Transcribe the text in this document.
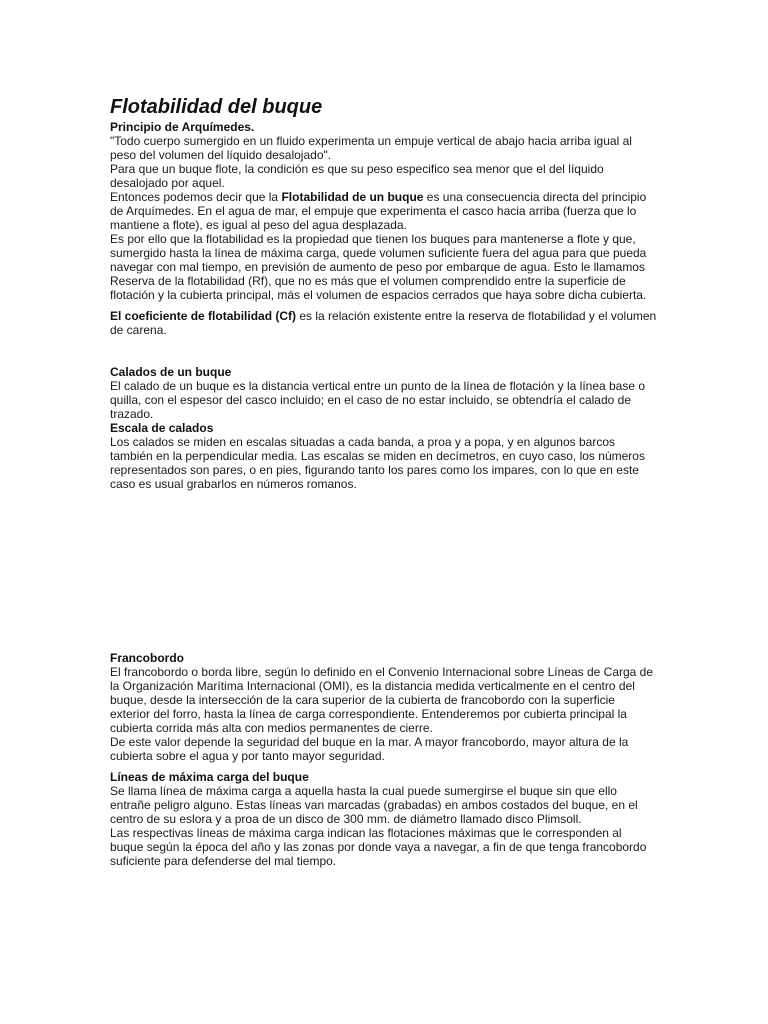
Flotabilidad del buque

Principio de Arquímedes.

"Todo cuerpo sumergido en un fluido experimenta un empuje vertical de abajo hacia arriba igual al peso del volumen del líquido desalojado".

Para que un buque flote, la condición es que su peso especifico sea menor que el del líquido desalojado por aquel.

Entonces podemos decir que la Flotabilidad de un buque es una consecuencia directa del principio de Arquímedes. En el agua de mar, el empuje que experimenta el casco hacia arriba (fuerza que lo mantiene a flote), es igual al peso del agua desplazada.

Es por ello que la flotabilidad es la propiedad que tienen los buques para mantenerse a flote y que, sumergido hasta la línea de máxima carga, quede volumen suficiente fuera del agua para que pueda navegar con mal tiempo, en previsión de aumento de peso por embarque de agua. Esto le llamamos Reserva de la flotabilidad (Rf), que no es más que el volumen comprendido entre la superficie de flotación y la cubierta principal, más el volumen de espacios cerrados que haya sobre dicha cubierta.

El coeficiente de flotabilidad (Cf) es la relación existente entre la reserva de flotabilidad y el volumen de carena.

Calados de un buque

El calado de un buque es la distancia vertical entre un punto de la línea de flotación y la línea base o quilla, con el espesor del casco incluido; en el caso de no estar incluido, se obtendría el calado de trazado.

Escala de calados

Los calados se miden en escalas situadas a cada banda, a proa y a popa, y en algunos barcos también en la perpendicular media. Las escalas se miden en decímetros, en cuyo caso, los números representados son pares, o en pies, figurando tanto los pares como los impares, con lo que en este caso es usual grabarlos en números romanos.

Francobordo

El francobordo o borda libre, según lo definido en el Convenio Internacional sobre Líneas de Carga de la Organización Marítima Internacional (OMI), es la distancia medida verticalmente en el centro del buque, desde la intersección de la cara superior de la cubierta de francobordo con la superficie exterior del forro, hasta la línea de carga correspondiente. Entenderemos por cubierta principal la cubierta corrida más alta con medios permanentes de cierre.

De este valor depende la seguridad del buque en la mar. A mayor francobordo, mayor altura de la cubierta sobre el agua y por tanto mayor seguridad.

Líneas de máxima carga del buque

Se llama línea de máxima carga a aquella hasta la cual puede sumergirse el buque sin que ello entrañe peligro alguno. Estas líneas van marcadas (grabadas) en ambos costados del buque, en el centro de su eslora y a proa de un disco de 300 mm. de diámetro llamado disco Plimsoll.

Las respectivas líneas de máxima carga indican las flotaciones máximas que le corresponden al buque según la época del año y las zonas por donde vaya a navegar, a fin de que tenga francobordo suficiente para defenderse del mal tiempo.
